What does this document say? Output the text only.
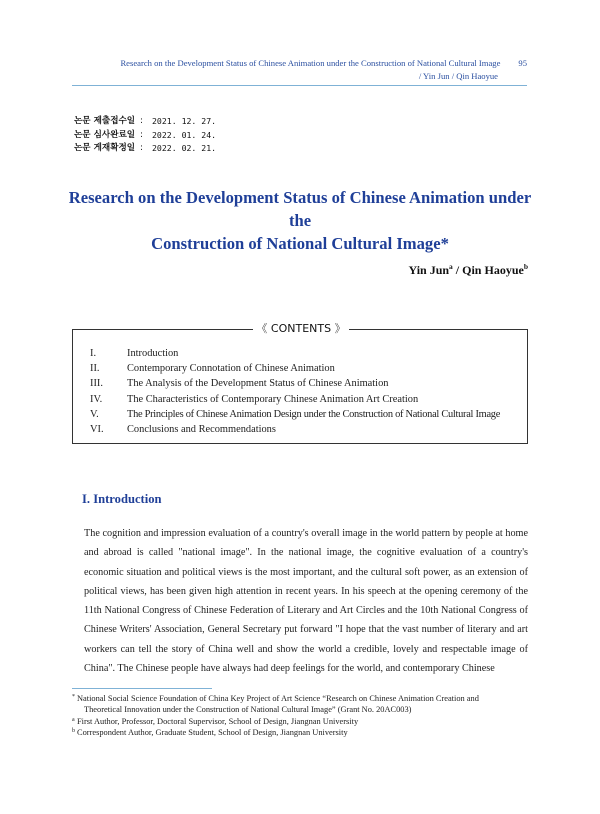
Research on the Development Status of Chinese Animation under the Construction of National Cultural Image 95
/ Yin Jun / Qin Haoyue
논문 제출접수일 :	2021. 12. 27.
논문 심사완료일 :	2022. 01. 24.
논문 게재확정일 :	2022. 02. 21.
Research on the Development Status of Chinese Animation under the
Construction of National Cultural Image*
Yin Jun$^a$ / Qin Haoyue$^b$
《 CONTENTS 》
I.	Introduction
II.	Contemporary Connotation of Chinese Animation
III.	The Analysis of the Development Status of Chinese Animation
IV.	The Characteristics of Contemporary Chinese Animation Art Creation
V.	The Principles of Chinese Animation Design under the Construction of National Cultural Image
VI.	Conclusions and Recommendations
I. Introduction
The cognition and impression evaluation of a country's overall image in the world pattern by people at home and abroad is called "national image". In the national image, the cognitive evaluation of a country's economic situation and political views is the most important, and the cultural soft power, as an extension of political views, has been given high attention in recent years. In his speech at the opening ceremony of the 11th National Congress of Chinese Federation of Literary and Art Circles and the 10th National Congress of Chinese Writers' Association, General Secretary put forward "I hope that the vast number of literary and art workers can tell the story of China well and show the world a credible, lovely and respectable image of China". The Chinese people have always had deep feelings for the world, and contemporary Chinese
* National Social Science Foundation of China Key Project of Art Science “Research on Chinese Animation Creation and
Theoretical Innovation under the Construction of National Cultural Image” (Grant No. 20AC003)
a First Author, Professor, Doctoral Supervisor, School of Design, Jiangnan University
b Correspondent Author, Graduate Student, School of Design, Jiangnan University
